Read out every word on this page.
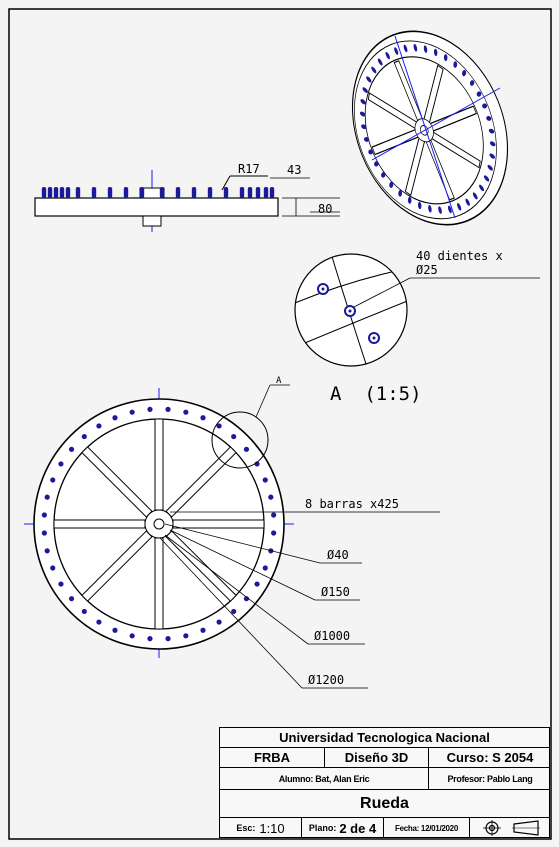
R17 43
80
40 dientes x
Ø25
A  (1:5)
A
8 barras x425
Ø40
Ø150
Ø1000
Ø1200
Universidad Tecnologica Nacional
FRBA	Diseño 3D	Curso: S 2054
Alumno: Bat, Alan Eric	Profesor: Pablo Lang
Rueda
Esc: 1:10	Plano: 2 de 4	Fecha: 12/01/2020
